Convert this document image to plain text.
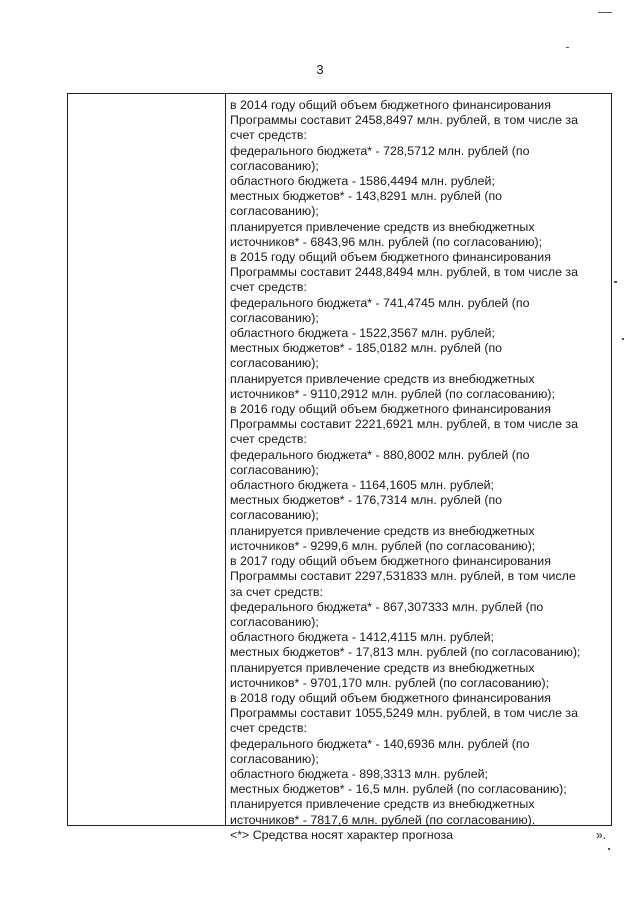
3
в 2014 году общий объем бюджетного финансирования
Программы составит 2458,8497 млн. рублей, в том числе за
счет средств:
федерального бюджета* - 728,5712 млн. рублей (по
согласованию);
областного бюджета - 1586,4494 млн. рублей;
местных бюджетов* - 143,8291 млн. рублей (по
согласованию);
планируется привлечение средств из внебюджетных
источников* - 6843,96 млн. рублей (по согласованию);
в 2015 году общий объем бюджетного финансирования
Программы составит 2448,8494 млн. рублей, в том числе за
счет средств:
федерального бюджета* - 741,4745 млн. рублей (по
согласованию);
областного бюджета - 1522,3567 млн. рублей;
местных бюджетов* - 185,0182 млн. рублей (по
согласованию);
планируется привлечение средств из внебюджетных
источников* - 9110,2912 млн. рублей (по согласованию);
в 2016 году общий объем бюджетного финансирования
Программы составит 2221,6921 млн. рублей, в том числе за
счет средств:
федерального бюджета* - 880,8002 млн. рублей (по
согласованию);
областного бюджета - 1164,1605 млн. рублей;
местных бюджетов* - 176,7314 млн. рублей (по
согласованию);
планируется привлечение средств из внебюджетных
источников* - 9299,6 млн. рублей (по согласованию);
в 2017 году общий объем бюджетного финансирования
Программы составит 2297,531833 млн. рублей, в том числе
за счет средств:
федерального бюджета* - 867,307333 млн. рублей (по
согласованию);
областного бюджета - 1412,4115 млн. рублей;
местных бюджетов* - 17,813 млн. рублей (по согласованию);
планируется привлечение средств из внебюджетных
источников* - 9701,170 млн. рублей (по согласованию);
в 2018 году общий объем бюджетного финансирования
Программы составит 1055,5249 млн. рублей, в том числе за
счет средств:
федерального бюджета* - 140,6936 млн. рублей (по
согласованию);
областного бюджета - 898,3313 млн. рублей;
местных бюджетов* - 16,5 млн. рублей (по согласованию);
планируется привлечение средств из внебюджетных
источников* - 7817,6 млн. рублей (по согласованию).
<*> Средства носят характер прогноза	».
